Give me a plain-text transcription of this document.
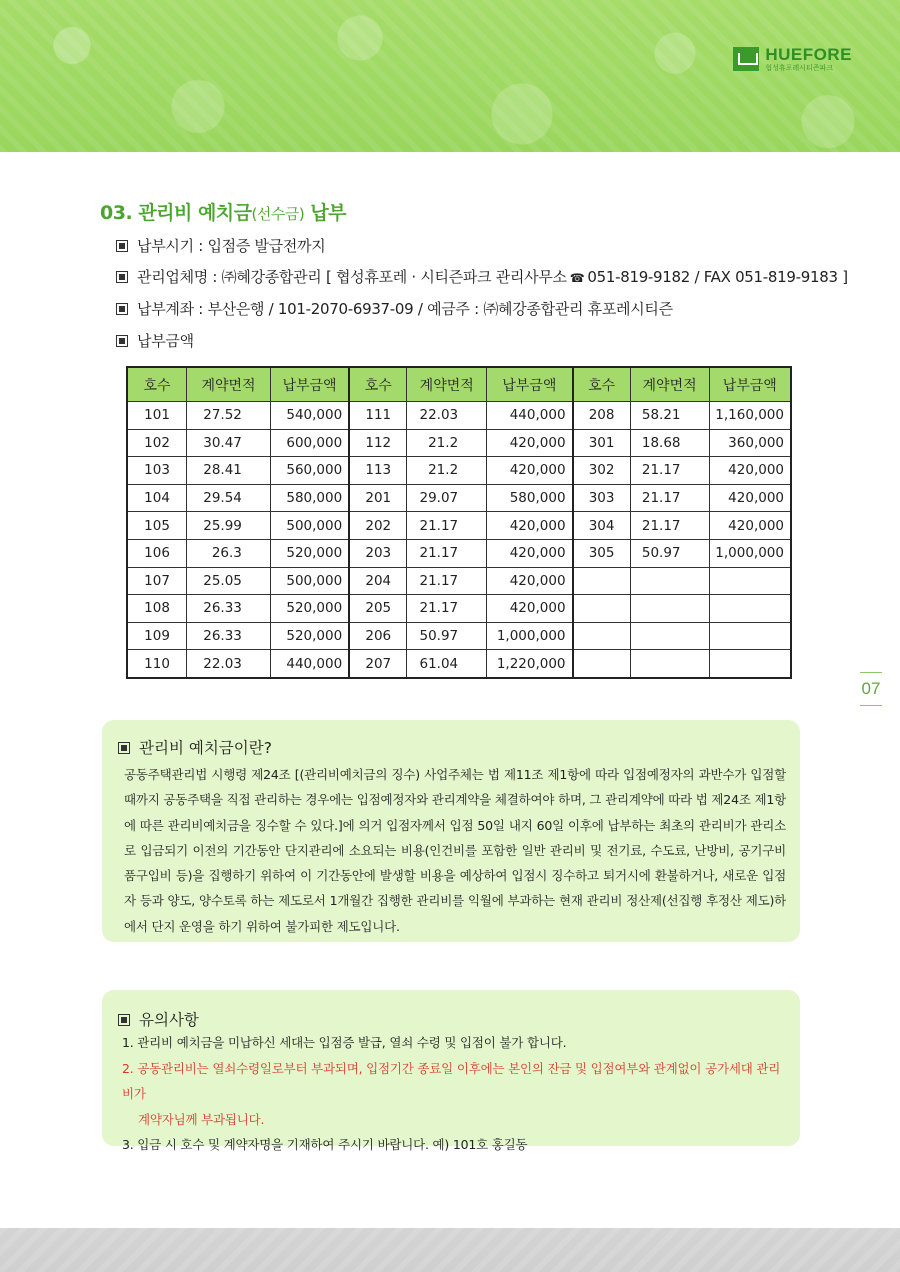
HUEFORE
협성휴포레시티즌파크
03. 관리비 예치금(선수금) 납부
납부시기 : 입점증 발급전까지
관리업체명 : ㈜혜강종합관리 [ 협성휴포레 · 시티즌파크 관리사무소 ☎ 051-819-9182 / FAX 051-819-9183 ]
납부계좌 : 부산은행 / 101-2070-6937-09 / 예금주 : ㈜혜강종합관리 휴포레시티즌
납부금액
호수	계약면적	납부금액	호수	계약면적	납부금액	호수	계약면적	납부금액
101	27.52	540,000	111	22.03	440,000	208	58.21	1,160,000
102	30.47	600,000	112	21.2	420,000	301	18.68	360,000
103	28.41	560,000	113	21.2	420,000	302	21.17	420,000
104	29.54	580,000	201	29.07	580,000	303	21.17	420,000
105	25.99	500,000	202	21.17	420,000	304	21.17	420,000
106	26.3	520,000	203	21.17	420,000	305	50.97	1,000,000
107	25.05	500,000	204	21.17	420,000			
108	26.33	520,000	205	21.17	420,000			
109	26.33	520,000	206	50.97	1,000,000			
110	22.03	440,000	207	61.04	1,220,000			
07
관리비 예치금이란?
공동주택관리법 시행령 제24조 [(관리비예치금의 징수) 사업주체는 법 제11조 제1항에 따라 입점예정자의 과반수가 입점할 때까지 공동주택을 직접 관리하는 경우에는 입점예정자와 관리계약을 체결하여야 하며, 그 관리계약에 따라 법 제24조 제1항에 따른 관리비예치금을 징수할 수 있다.]에 의거 입점자께서 입점 50일 내지 60일 이후에 납부하는 최초의 관리비가 관리소로 입금되기 이전의 기간동안 단지관리에 소요되는 비용(인건비를 포함한 일반 관리비 및 전기료, 수도료, 난방비, 공기구비품구입비 등)을 집행하기 위하여 이 기간동안에 발생할 비용을 예상하여 입점시 징수하고 퇴거시에 환불하거나, 새로운 입점자 등과 양도, 양수토록 하는 제도로서 1개월간 집행한 관리비를 익월에 부과하는 현재 관리비 정산제(선집행 후정산 제도)하에서 단지 운영을 하기 위하여 불가피한 제도입니다.
유의사항
1. 관리비 예치금을 미납하신 세대는 입점증 발급, 열쇠 수령 및 입점이 불가 합니다.
2. 공동관리비는 열쇠수령일로부터 부과되며, 입점기간 종료일 이후에는 본인의 잔금 및 입점여부와 관계없이 공가세대 관리비가
계약자님께 부과됩니다.
3. 입금 시 호수 및 계약자명을 기재하여 주시기 바랍니다. 예) 101호 홍길동
